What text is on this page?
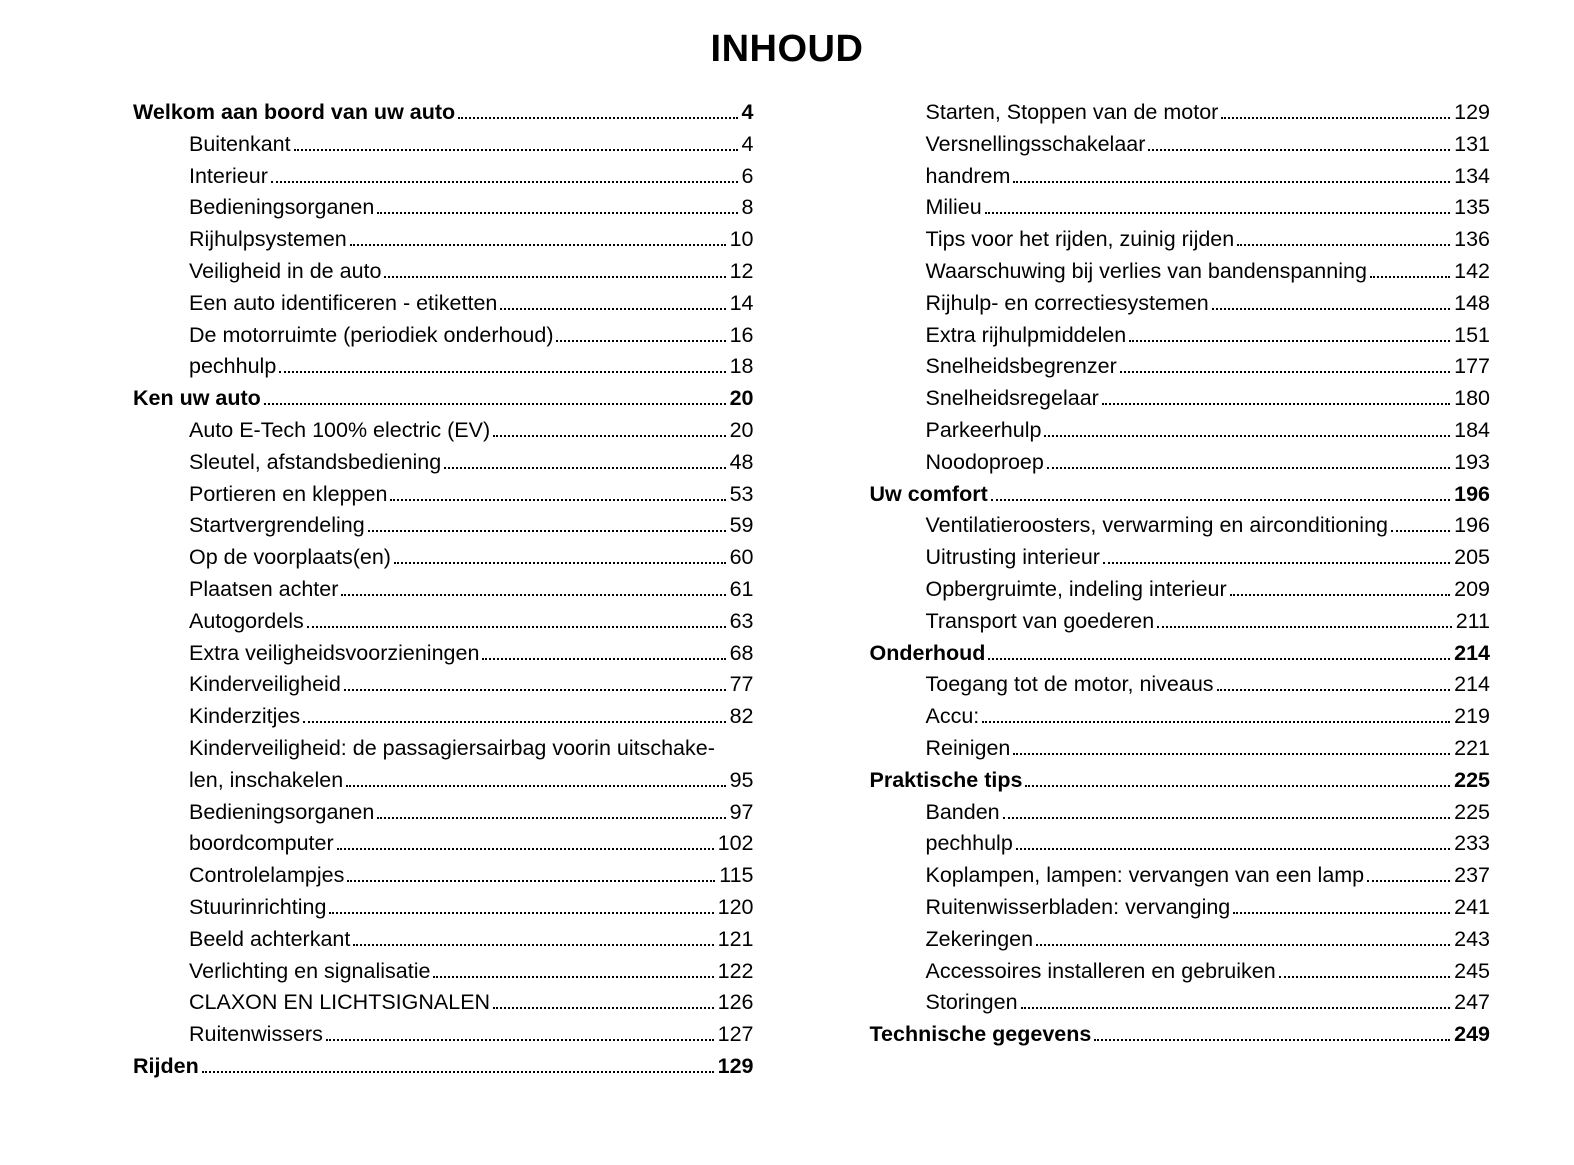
INHOUD
Welkom aan boord van uw auto	4
Buitenkant	4
Interieur	6
Bedieningsorganen	8
Rijhulpsystemen	10
Veiligheid in de auto	12
Een auto identificeren - etiketten	14
De motorruimte (periodiek onderhoud)	16
pechhulp	18
Ken uw auto	20
Auto E-Tech 100% electric (EV)	20
Sleutel, afstandsbediening	48
Portieren en kleppen	53
Startvergrendeling	59
Op de voorplaats(en)	60
Plaatsen achter	61
Autogordels	63
Extra veiligheidsvoorzieningen	68
Kinderveiligheid	77
Kinderzitjes	82
Kinderveiligheid: de passagiersairbag voorin uitschake-
len, inschakelen	95
Bedieningsorganen	97
boordcomputer	102
Controlelampjes	115
Stuurinrichting	120
Beeld achterkant	121
Verlichting en signalisatie	122
CLAXON EN LICHTSIGNALEN	126
Ruitenwissers	127
Rijden	129
Starten, Stoppen van de motor	129
Versnellingsschakelaar	131
handrem	134
Milieu	135
Tips voor het rijden, zuinig rijden	136
Waarschuwing bij verlies van bandenspanning	142
Rijhulp- en correctiesystemen	148
Extra rijhulpmiddelen	151
Snelheidsbegrenzer	177
Snelheidsregelaar	180
Parkeerhulp	184
Noodoproep	193
Uw comfort	196
Ventilatieroosters, verwarming en airconditioning	196
Uitrusting interieur	205
Opbergruimte, indeling interieur	209
Transport van goederen	211
Onderhoud	214
Toegang tot de motor, niveaus	214
Accu:	219
Reinigen	221
Praktische tips	225
Banden	225
pechhulp	233
Koplampen, lampen: vervangen van een lamp	237
Ruitenwisserbladen: vervanging	241
Zekeringen	243
Accessoires installeren en gebruiken	245
Storingen	247
Technische gegevens	249
